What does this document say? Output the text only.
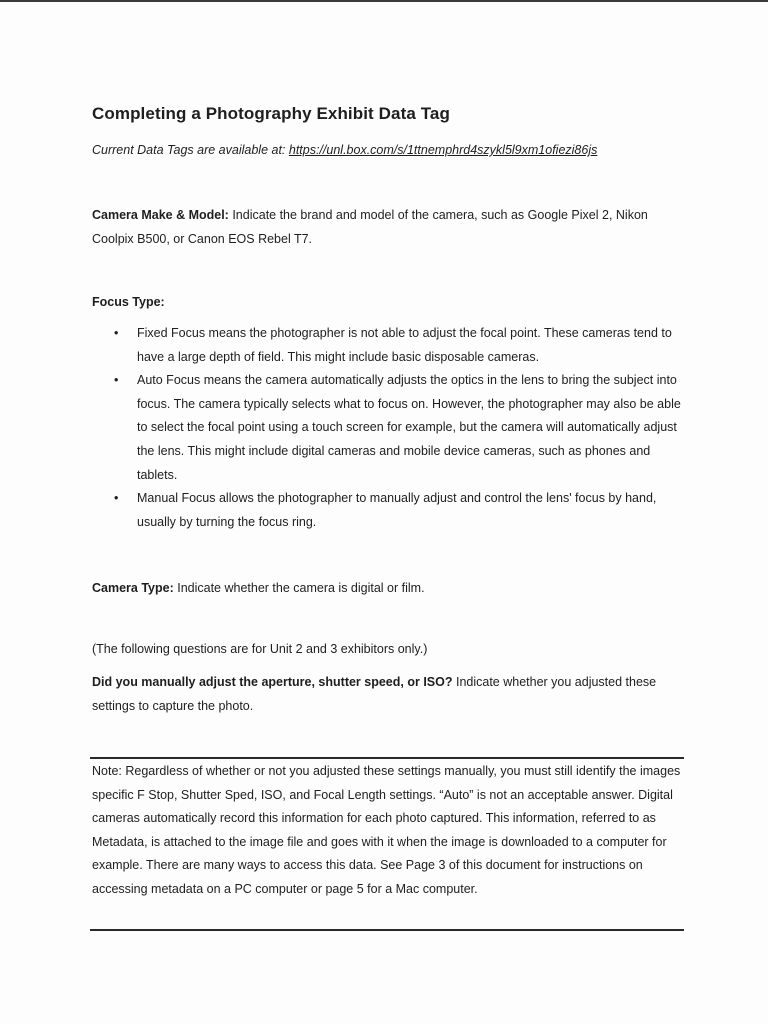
Completing a Photography Exhibit Data Tag
Current Data Tags are available at: https://unl.box.com/s/1ttnemphrd4szykl5l9xm1ofiezi86js
Camera Make & Model: Indicate the brand and model of the camera, such as Google Pixel 2, Nikon Coolpix B500, or Canon EOS Rebel T7.
Focus Type:
• Fixed Focus means the photographer is not able to adjust the focal point. These cameras tend to have a large depth of field. This might include basic disposable cameras.
• Auto Focus means the camera automatically adjusts the optics in the lens to bring the subject into focus. The camera typically selects what to focus on. However, the photographer may also be able to select the focal point using a touch screen for example, but the camera will automatically adjust the lens. This might include digital cameras and mobile device cameras, such as phones and tablets.
• Manual Focus allows the photographer to manually adjust and control the lens' focus by hand, usually by turning the focus ring.
Camera Type: Indicate whether the camera is digital or film.
(The following questions are for Unit 2 and 3 exhibitors only.)
Did you manually adjust the aperture, shutter speed, or ISO? Indicate whether you adjusted these settings to capture the photo.
Note: Regardless of whether or not you adjusted these settings manually, you must still identify the images specific F Stop, Shutter Sped, ISO, and Focal Length settings. “Auto” is not an acceptable answer. Digital cameras automatically record this information for each photo captured. This information, referred to as Metadata, is attached to the image file and goes with it when the image is downloaded to a computer for example. There are many ways to access this data. See Page 3 of this document for instructions on accessing metadata on a PC computer or page 5 for a Mac computer.
